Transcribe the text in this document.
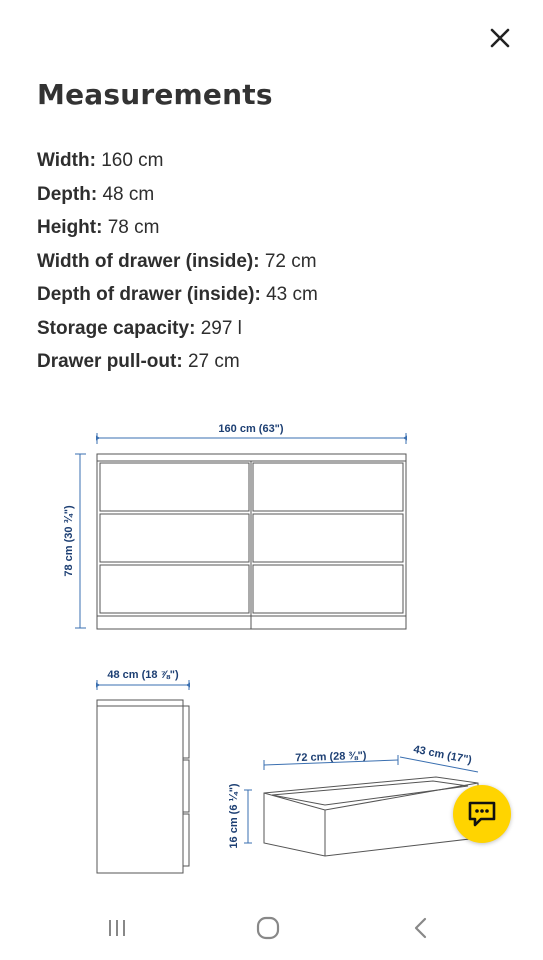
Measurements
Width: 160 cm
Depth: 48 cm
Height: 78 cm
Width of drawer (inside): 72 cm
Depth of drawer (inside): 43 cm
Storage capacity: 297 l
Drawer pull-out: 27 cm
160 cm (63")
78 cm (30 ¾")
48 cm (18 ⅞")
72 cm (28 ⅜")	43 cm (17")
16 cm (6 ¼")
